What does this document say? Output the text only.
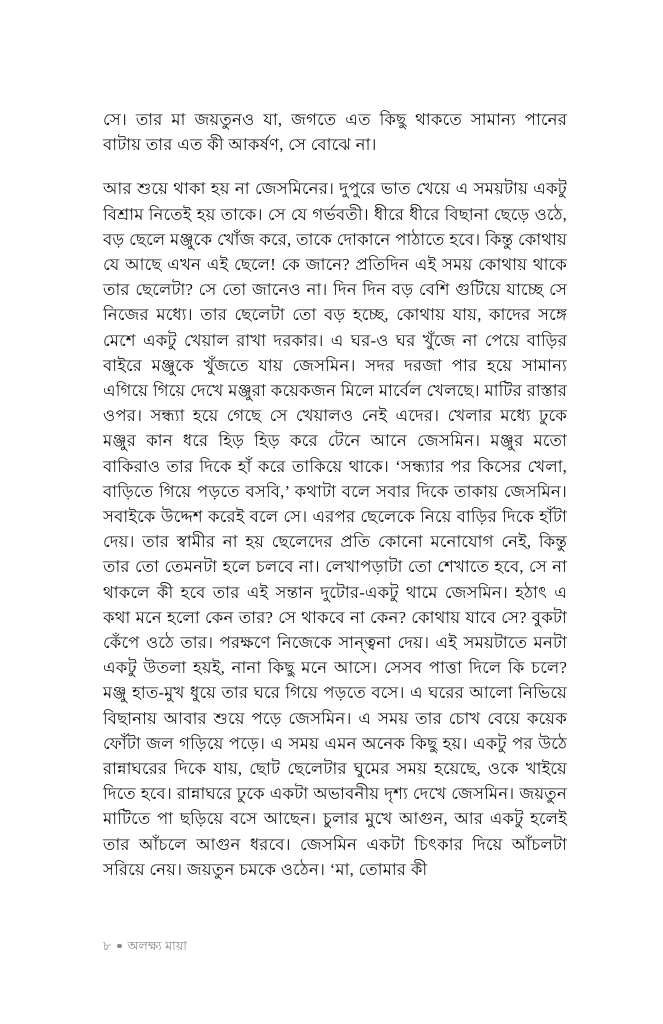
সে। তার মা জয়তুনও যা, জগতে এত কিছু থাকতে সামান্য পানের বাটায় তার এত কী আকর্ষণ, সে বোঝে না।

আর শুয়ে থাকা হয় না জেসমিনের। দুপুরে ভাত খেয়ে এ সময়টায় একটু বিশ্রাম নিতেই হয় তাকে। সে যে গর্ভবতী। ধীরে ধীরে বিছানা ছেড়ে ওঠে, বড় ছেলে মঞ্জুকে খোঁজ করে, তাকে দোকানে পাঠাতে হবে। কিন্তু কোথায় যে আছে এখন এই ছেলে! কে জানে? প্রতিদিন এই সময় কোথায় থাকে তার ছেলেটা? সে তো জানেও না। দিন দিন বড় বেশি গুটিয়ে যাচ্ছে সে নিজের মধ্যে। তার ছেলেটা তো বড় হচ্ছে, কোথায় যায়, কাদের সঙ্গে মেশে একটু খেয়াল রাখা দরকার। এ ঘর-ও ঘর খুঁজে না পেয়ে বাড়ির বাইরে মঞ্জুকে খুঁজতে যায় জেসমিন। সদর দরজা পার হয়ে সামান্য এগিয়ে গিয়ে দেখে মঞ্জুরা কয়েকজন মিলে মার্বেল খেলছে। মাটির রাস্তার ওপর। সন্ধ্যা হয়ে গেছে সে খেয়ালও নেই এদের। খেলার মধ্যে ঢুকে মঞ্জুর কান ধরে হিড় হিড় করে টেনে আনে জেসমিন। মঞ্জুর মতো বাকিরাও তার দিকে হাঁ করে তাকিয়ে থাকে। ‘সন্ধ্যার পর কিসের খেলা, বাড়িতে গিয়ে পড়তে বসবি,’ কথাটা বলে সবার দিকে তাকায় জেসমিন। সবাইকে উদ্দেশ করেই বলে সে। এরপর ছেলেকে নিয়ে বাড়ির দিকে হাঁটা দেয়। তার স্বামীর না হয় ছেলেদের প্রতি কোনো মনোযোগ নেই, কিন্তু তার তো তেমনটা হলে চলবে না। লেখাপড়াটা তো শেখাতে হবে, সে না থাকলে কী হবে তার এই সন্তান দুটোর-একটু থামে জেসমিন। হঠাৎ এ কথা মনে হলো কেন তার? সে থাকবে না কেন? কোথায় যাবে সে? বুকটা কেঁপে ওঠে তার। পরক্ষণে নিজেকে সান্ত্বনা দেয়। এই সময়টাতে মনটা একটু উতলা হয়ই, নানা কিছু মনে আসে। সেসব পাত্তা দিলে কি চলে? মঞ্জু হাত-মুখ ধুয়ে তার ঘরে গিয়ে পড়তে বসে। এ ঘরের আলো নিভিয়ে বিছানায় আবার শুয়ে পড়ে জেসমিন। এ সময় তার চোখ বেয়ে কয়েক ফোঁটা জল গড়িয়ে পড়ে। এ সময় এমন অনেক কিছু হয়। একটু পর উঠে রান্নাঘরের দিকে যায়, ছোট ছেলেটার ঘুমের সময় হয়েছে, ওকে খাইয়ে দিতে হবে। রান্নাঘরে ঢুকে একটা অভাবনীয় দৃশ্য দেখে জেসমিন। জয়তুন মাটিতে পা ছড়িয়ে বসে আছেন। চুলার মুখে আগুন, আর একটু হলেই তার আঁচলে আগুন ধরবে। জেসমিন একটা চিৎকার দিয়ে আঁচলটা সরিয়ে নেয়। জয়তুন চমকে ওঠেন। ‘মা, তোমার কী

৮ অলক্ষ্য মায়া
